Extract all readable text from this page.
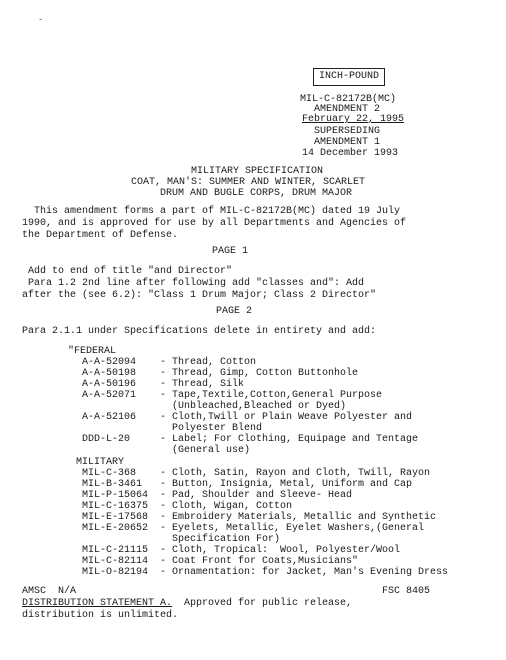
-
INCH-POUND
MIL-C-82172B(MC)
AMENDMENT 2
February 22, 1995
SUPERSEDING
AMENDMENT 1
14 December 1993
MILITARY SPECIFICATION
COAT, MAN'S: SUMMER AND WINTER, SCARLET
DRUM AND BUGLE CORPS, DRUM MAJOR
This amendment forms a part of MIL-C-82172B(MC) dated 19 July
1990, and is approved for use by all Departments and Agencies of
the Department of Defense.
PAGE 1
Add to end of title "and Director"
Para 1.2 2nd line after following add "classes and": Add
after the (see 6.2): "Class 1 Drum Major; Class 2 Director"
PAGE 2
Para 2.1.1 under Specifications delete in entirety and add:
"FEDERAL
A-A-52094 - Thread, Cotton
A-A-50198 - Thread, Gimp, Cotton Buttonhole
A-A-50196 - Thread, Silk
A-A-52071 - Tape,Textile,Cotton,General Purpose
(Unbleached,Bleached or Dyed)
A-A-52106 - Cloth,Twill or Plain Weave Polyester and
Polyester Blend
DDD-L-20	- Label; For Clothing, Equipage and Tentage
(General use)
MILITARY
MIL-C-368 - Cloth, Satin, Rayon and Cloth, Twill, Rayon
MIL-B-3461 - Button, Insignia, Metal, Uniform and Cap
MIL-P-15064 - Pad, Shoulder and Sleeve- Head
MIL-C-16375 - Cloth, Wigan, Cotton
MIL-E-17568 - Embroidery Materials, Metallic and Synthetic
MIL-E-20652 - Eyelets, Metallic, Eyelet Washers,(General
Specification For)
MIL-C-21115 - Cloth, Tropical:  Wool, Polyester/Wool
MIL-C-82114 - Coat Front for Coats,Musicians"
MIL-O-82194 - Ornamentation: for Jacket, Man's Evening Dress
AMSC  N/A	FSC 8405
DISTRIBUTION STATEMENT A.  Approved for public release,
distribution is unlimited.
